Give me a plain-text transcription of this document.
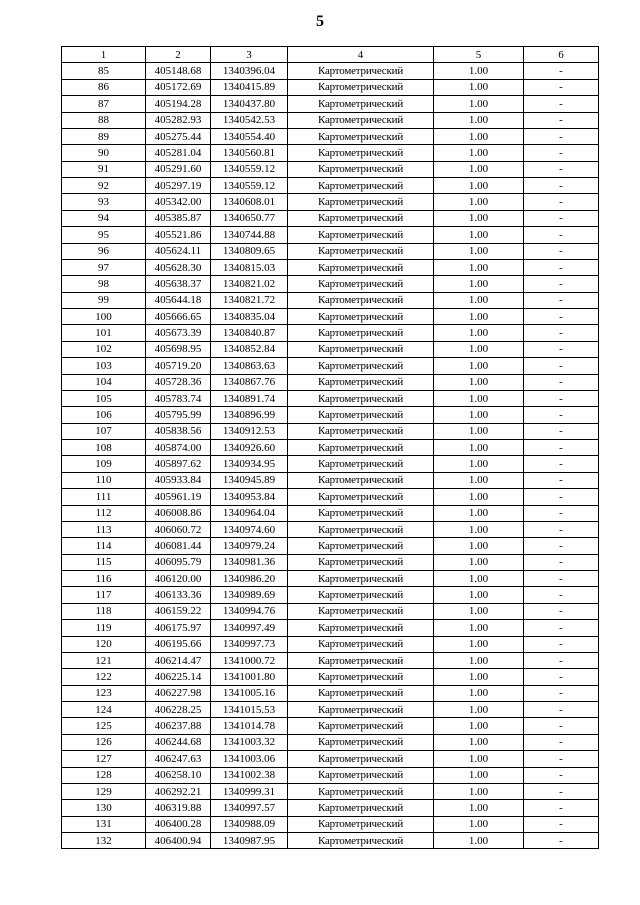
5
1	2	3	4	5	6
85	405148.68	1340396.04	Картометрический	1.00	-
86	405172.69	1340415.89	Картометрический	1.00	-
87	405194.28	1340437.80	Картометрический	1.00	-
88	405282.93	1340542.53	Картометрический	1.00	-
89	405275.44	1340554.40	Картометрический	1.00	-
90	405281.04	1340560.81	Картометрический	1.00	-
91	405291.60	1340559.12	Картометрический	1.00	-
92	405297.19	1340559.12	Картометрический	1.00	-
93	405342.00	1340608.01	Картометрический	1.00	-
94	405385.87	1340650.77	Картометрический	1.00	-
95	405521.86	1340744.88	Картометрический	1.00	-
96	405624.11	1340809.65	Картометрический	1.00	-
97	405628.30	1340815.03	Картометрический	1.00	-
98	405638.37	1340821.02	Картометрический	1.00	-
99	405644.18	1340821.72	Картометрический	1.00	-
100	405666.65	1340835.04	Картометрический	1.00	-
101	405673.39	1340840.87	Картометрический	1.00	-
102	405698.95	1340852.84	Картометрический	1.00	-
103	405719.20	1340863.63	Картометрический	1.00	-
104	405728.36	1340867.76	Картометрический	1.00	-
105	405783.74	1340891.74	Картометрический	1.00	-
106	405795.99	1340896.99	Картометрический	1.00	-
107	405838.56	1340912.53	Картометрический	1.00	-
108	405874.00	1340926.60	Картометрический	1.00	-
109	405897.62	1340934.95	Картометрический	1.00	-
110	405933.84	1340945.89	Картометрический	1.00	-
111	405961.19	1340953.84	Картометрический	1.00	-
112	406008.86	1340964.04	Картометрический	1.00	-
113	406060.72	1340974.60	Картометрический	1.00	-
114	406081.44	1340979.24	Картометрический	1.00	-
115	406095.79	1340981.36	Картометрический	1.00	-
116	406120.00	1340986.20	Картометрический	1.00	-
117	406133.36	1340989.69	Картометрический	1.00	-
118	406159.22	1340994.76	Картометрический	1.00	-
119	406175.97	1340997.49	Картометрический	1.00	-
120	406195.66	1340997.73	Картометрический	1.00	-
121	406214.47	1341000.72	Картометрический	1.00	-
122	406225.14	1341001.80	Картометрический	1.00	-
123	406227.98	1341005.16	Картометрический	1.00	-
124	406228.25	1341015.53	Картометрический	1.00	-
125	406237.88	1341014.78	Картометрический	1.00	-
126	406244.68	1341003.32	Картометрический	1.00	-
127	406247.63	1341003.06	Картометрический	1.00	-
128	406258.10	1341002.38	Картометрический	1.00	-
129	406292.21	1340999.31	Картометрический	1.00	-
130	406319.88	1340997.57	Картометрический	1.00	-
131	406400.28	1340988.09	Картометрический	1.00	-
132	406400.94	1340987.95	Картометрический	1.00	-
